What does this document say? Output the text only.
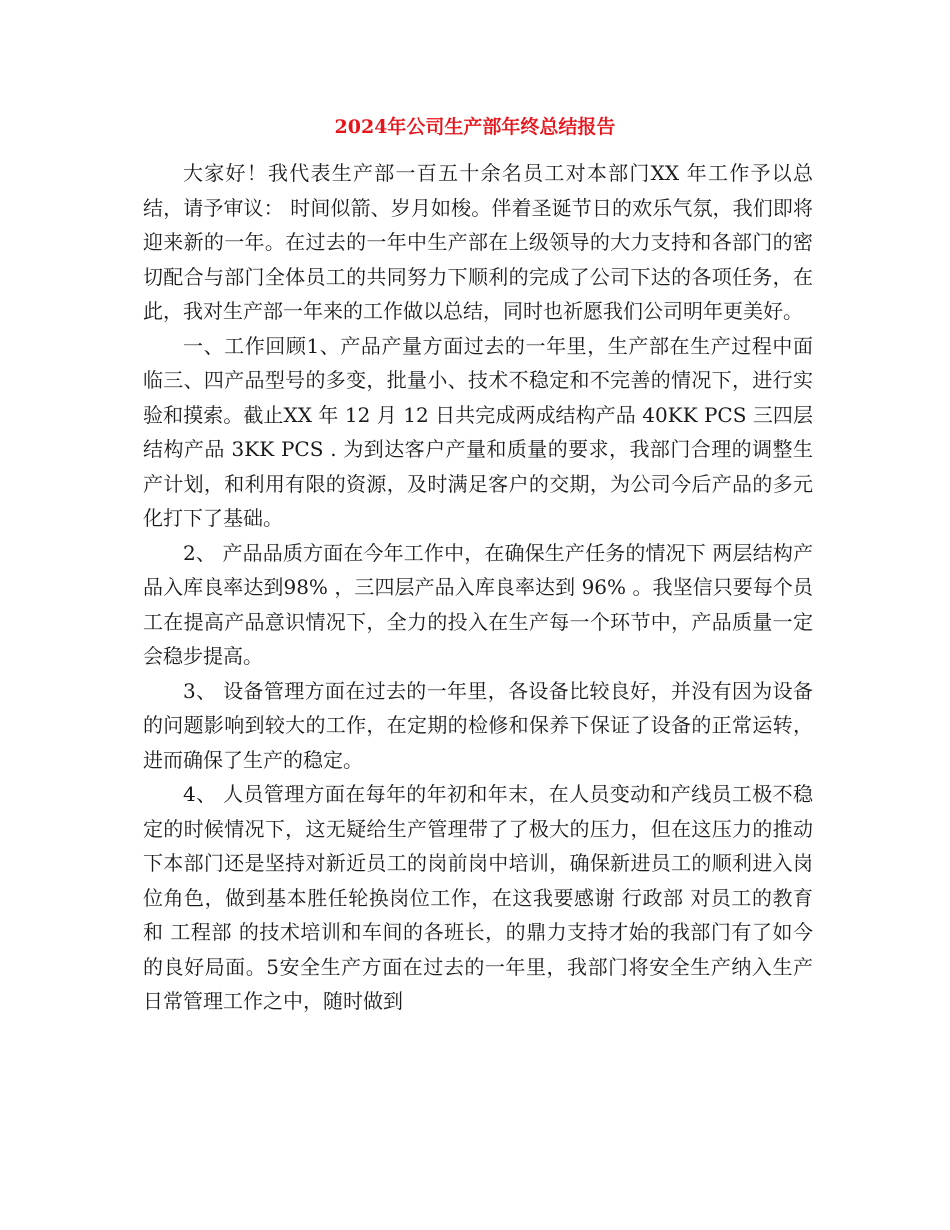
2024年公司生产部年终总结报告

大家好！我代表生产部一百五十余名员工对本部门XX 年工作予以总结，请予审议： 时间似箭、岁月如梭。伴着圣诞节日的欢乐气氛，我们即将迎来新的一年。在过去的一年中生产部在上级领导的大力支持和各部门的密切配合与部门全体员工的共同努力下顺利的完成了公司下达的各项任务，在此，我对生产部一年来的工作做以总结，同时也祈愿我们公司明年更美好。

一、工作回顾1、产品产量方面过去的一年里，生产部在生产过程中面临三、四产品型号的多变，批量小、技术不稳定和不完善的情况下，进行实验和摸索。截止XX 年 12 月 12 日共完成两成结构产品 40KK PCS 三四层结构产品 3KK PCS . 为到达客户产量和质量的要求，我部门合理的调整生产计划，和利用有限的资源，及时满足客户的交期，为公司今后产品的多元化打下了基础。

2、 产品品质方面在今年工作中，在确保生产任务的情况下 两层结构产品入库良率达到98% ，三四层产品入库良率达到 96% 。我坚信只要每个员工在提高产品意识情况下，全力的投入在生产每一个环节中，产品质量一定会稳步提高。

3、 设备管理方面在过去的一年里，各设备比较良好，并没有因为设备的问题影响到较大的工作，在定期的检修和保养下保证了设备的正常运转，进而确保了生产的稳定。

4、 人员管理方面在每年的年初和年末，在人员变动和产线员工极不稳定的时候情况下，这无疑给生产管理带了了极大的压力，但在这压力的推动下本部门还是坚持对新近员工的岗前岗中培训，确保新进员工的顺利进入岗位角色，做到基本胜任轮换岗位工作，在这我要感谢 行政部 对员工的教育和 工程部 的技术培训和车间的各班长，的鼎力支持才始的我部门有了如今的良好局面。5安全生产方面在过去的一年里，我部门将安全生产纳入生产日常管理工作之中，随时做到
